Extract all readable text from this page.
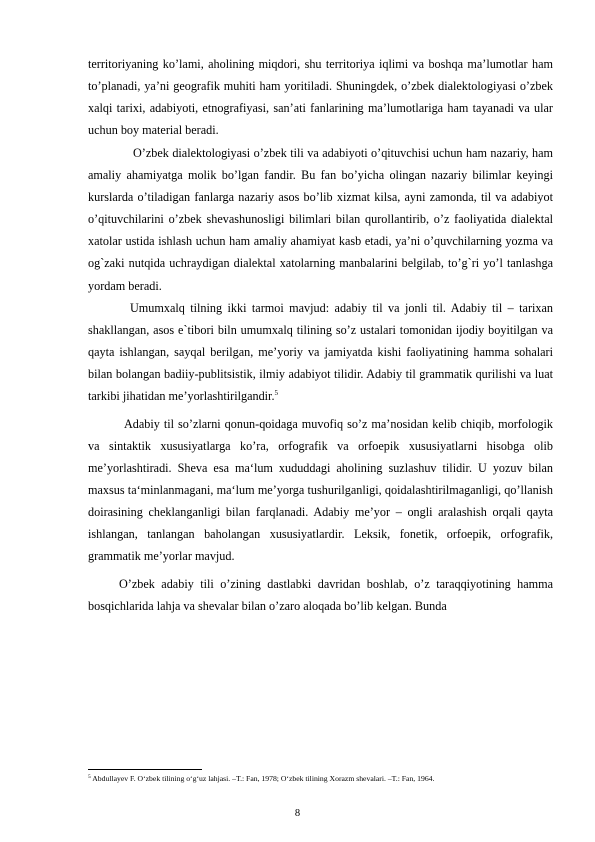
territoriyaning ko’lami, aholining miqdori, shu territoriya iqlimi va boshqa ma’lumotlar ham to’planadi, ya’ni geografik muhiti ham yoritiladi. Shuningdek, o’zbek dialektologiyasi o’zbek xalqi tarixi, adabiyoti, etnografiyasi, san’ati fanlarining ma’lumotlariga ham tayanadi va ular uchun boy material beradi.

O’zbek dialektologiyasi o’zbek tili va adabiyoti o’qituvchisi uchun ham nazariy, ham amaliy ahamiyatga molik bo’lgan fandir. Bu fan bo’yicha olingan nazariy bilimlar keyingi kurslarda o’tiladigan fanlarga nazariy asos bo’lib xizmat kilsa, ayni zamonda, til va adabiyot o’qituvchilarini o’zbek shevashunosligi bilimlari bilan qurollantirib, o’z faoliyatida dialektal xatolar ustida ishlash uchun ham amaliy ahamiyat kasb etadi, ya’ni o’quvchilarning yozma va og`zaki nutqida uchraydigan dialektal xatolarning manbalarini belgilab, to’g`ri yo’l tanlashga yordam beradi.

Umumxalq tilning ikki tarmoi mavjud: adabiy til va jonli til. Adabiy til – tarixan shakllangan, asos e`tibori biln umumxalq tilining so’z ustalari tomonidan ijodiy boyitilgan va qayta ishlangan, sayqal berilgan, me’yoriy va jamiyatda kishi faoliyatining hamma sohalari bilan bolangan badiiy-publitsistik, ilmiy adabiyot tilidir. Adabiy til grammatik qurilishi va luat tarkibi jihatidan me’yorlashtirilgandir.$^5$

Adabiy til so’zlarni qonun-qoidaga muvofiq so’z ma’nosidan kelib chiqib, morfologik va sintaktik xususiyatlarga ko’ra, orfografik va orfoepik xususiyatlarni hisobga olib me’yorlashtiradi. Sheva esa ma‘lum xududdagi aholining suzlashuv tilidir. U yozuv bilan maxsus ta‘minlanmagani, ma‘lum me’yorga tushurilganligi, qoidalashtirilmaganligi, qo’llanish doirasining cheklanganligi bilan farqlanadi. Adabiy me’yor – ongli aralashish orqali qayta ishlangan, tanlangan baholangan xususiyatlardir. Leksik, fonetik, orfoepik, orfografik, grammatik me’yorlar mavjud.

O’zbek adabiy tili o’zining dastlabki davridan boshlab, o’z taraqqiyotining hamma bosqichlarida lahja va shevalar bilan o’zaro aloqada bo’lib kelgan. Bunda

$^5$ Abdullayev F. O‘zbek tilining o‘g‘uz lahjasi. –T.: Fan, 1978; O‘zbek tilining Xorazm shevalari. –T.: Fan, 1964.
8
